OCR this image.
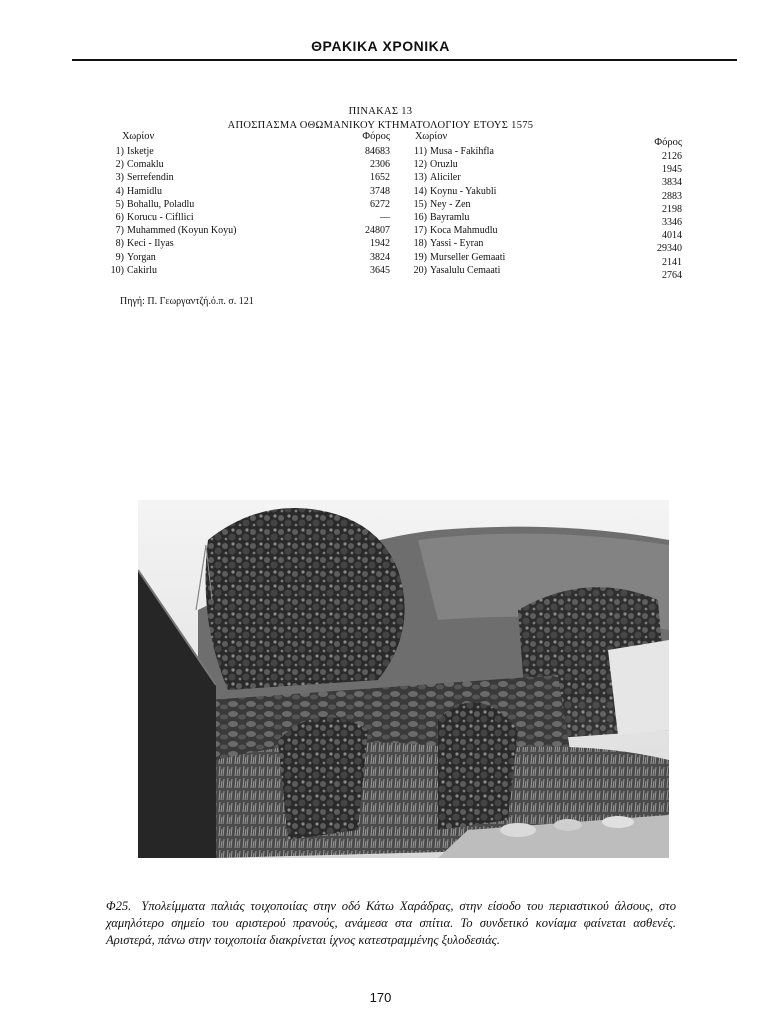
ΘΡΑΚΙΚΑ ΧΡΟΝΙΚΑ
ΠΙΝΑΚΑΣ 13
ΑΠΟΣΠΑΣΜΑ ΟΘΩΜΑΝΙΚΟΥ ΚΤΗΜΑΤΟΛΟΓΙΟΥ ΕΤΟΥΣ 1575
Χωρίον	Φόρος Χωρίον
Φόρος
1) Isketje
2) Comaklu
3) Serrefendin
4) Hamidlu
5) Bohallu, Poladlu
6) Korucu - Cifllici
7) Muhammed (Koyun Koyu)
8) Keci - Ilyas
9) Yorgan
10) Cakirlu
84683
2306
1652
3748
6272
—
24807
1942
3824
3645
11) Musa - Fakihfla
12) Oruzlu
13) Aliciler
14) Koynu - Yakubli
15) Ney - Zen
16) Bayramlu
17) Koca Mahmudlu
18) Yassi - Eyran
19) Murseller Gemaati
20) Yasalulu Cemaati
2126
1945
3834
2883
2198
3346
4014
29340
2141
2764
Πηγή: Π. Γεωργαντζή.ό.π. σ. 121
Φ25. Υπολείμματα παλιάς τοιχοποιίας στην οδό Κάτω Χαράδρας, στην είσοδο του περιαστικού άλσους, στο χαμηλότερο σημείο του αριστερού πρανούς, ανάμεσα στα σπίτια. Το συνδετικό κονίαμα φαίνεται ασθενές. Αριστερά, πάνω στην τοιχοποιία διακρίνεται ίχνος κατεστραμμένης ξυλοδεσιάς.
170
